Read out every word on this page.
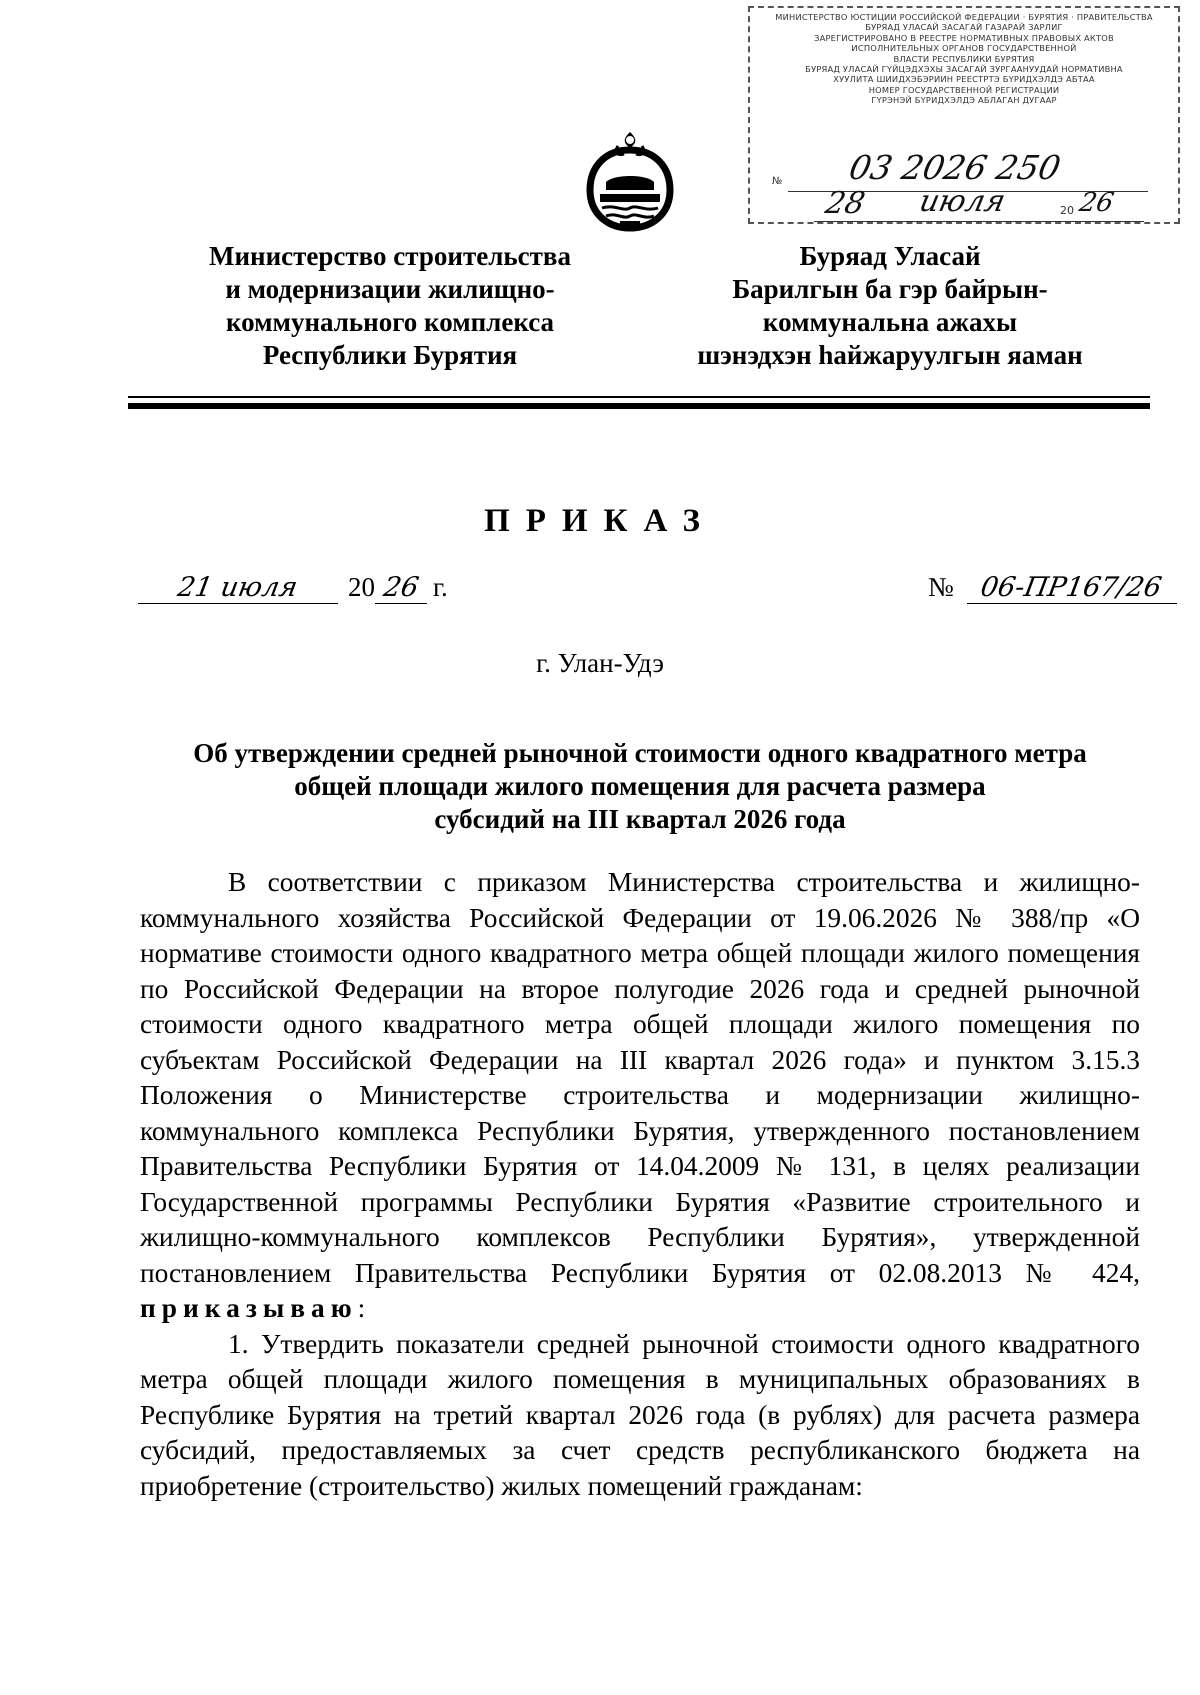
МИНИСТЕРСТВО ЮСТИЦИИ РОССИЙСКОЙ ФЕДЕРАЦИИ · БУРЯТИЯ · ПРАВИТЕЛЬСТВА
БУРЯАД УЛАСАЙ ЗАСАГАЙ ГАЗАРАЙ ЗАРЛИГ
ЗАРЕГИСТРИРОВАНО В РЕЕСТРЕ НОРМАТИВНЫХ ПРАВОВЫХ АКТОВ
ИСПОЛНИТЕЛЬНЫХ ОРГАНОВ ГОСУДАРСТВЕННОЙ
ВЛАСТИ РЕСПУБЛИКИ БУРЯТИЯ
БУРЯАД УЛАСАЙ ГҮЙЦЭДХЭХЫ ЗАСАГАЙ ЗУРГААНУУДАЙ НОРМАТИВНА
ХУУЛИТА ШИИДХЭБЭРИИН РЕЕСТРТЭ БҮРИДХЭЛДЭ АБТАА
НОМЕР ГОСУДАРСТВЕННОЙ РЕГИСТРАЦИИ
ГҮРЭНЭЙ БҮРИДХЭЛДЭ АБЛАГАН ДУГААР
№ 03 2026 250
28 июля	20 26
Министерство строительства
и модернизации жилищно-
коммунального комплекса
Республики Бурятия
Буряад Уласай
Барилгын ба гэр байрын-
коммунальна ажахы
шэнэдхэн hайжаруулгын яаман
ПРИКАЗ
21 июля 20 26 г.	№ 06-ПР167/26
г. Улан-Удэ
Об утверждении средней рыночной стоимости одного квадратного метра
общей площади жилого помещения для расчета размера
субсидий на III квартал 2026 года

В соответствии с приказом Министерства строительства и жилищно-коммунального хозяйства Российской Федерации от 19.06.2026 № 388/пр «О нормативе стоимости одного квадратного метра общей площади жилого помещения по Российской Федерации на второе полугодие 2026 года и средней рыночной стоимости одного квадратного метра общей площади жилого помещения по субъектам Российской Федерации на III квартал 2026 года» и пунктом 3.15.3 Положения о Министерстве строительства и модернизации жилищно-коммунального комплекса Республики Бурятия, утвержденного постановлением Правительства Республики Бурятия от 14.04.2009 № 131, в целях реализации Государственной программы Республики Бурятия «Развитие строительного и жилищно-коммунального комплексов Республики Бурятия», утвержденной постановлением Правительства Республики Бурятия от 02.08.2013 № 424, приказываю:

1. Утвердить показатели средней рыночной стоимости одного квадратного метра общей площади жилого помещения в муниципальных образованиях в Республике Бурятия на третий квартал 2026 года (в рублях) для расчета размера субсидий, предоставляемых за счет средств республиканского бюджета на приобретение (строительство) жилых помещений гражданам:
